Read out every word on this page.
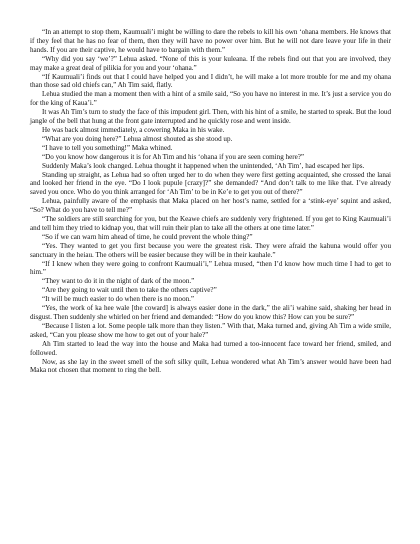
“In an attempt to stop them, Kaumuali’i might be willing to dare the rebels to kill his own ‘ohana members. He knows that if they feel that he has no fear of them, then they will have no power over him. But he will not dare leave your life in their hands. If you are their captive, he would have to bargain with them.”

“Why did you say ‘we’?” Lehua asked. “None of this is your kuleana. If the rebels find out that you are involved, they may make a great deal of pilikia for you and your ‘ohana.”

“If Kaumuali’i finds out that I could have helped you and I didn’t, he will make a lot more trouble for me and my ohana than those sad old chiefs can,” Ah Tim said, flatly.

Lehua studied the man a moment then with a hint of a smile said, “So you have no interest in me. It’s just a service you do for the king of Kaua’i.”

It was Ah Tim’s turn to study the face of this impudent girl. Then, with his hint of a smile, he started to speak. But the loud jangle of the bell that hung at the front gate interrupted and he quickly rose and went inside.

He was back almost immediately, a cowering Maka in his wake.

“What are you doing here?” Lehua almost shouted as she stood up.

“I have to tell you something!” Maka whined.

“Do you know how dangerous it is for Ah Tim and his ‘ohana if you are seen coming here?”

Suddenly Maka’s look changed. Lehua thought it happened when the unintended, ‘Ah Tim’, had escaped her lips.

Standing up straight, as Lehua had so often urged her to do when they were first getting acquainted, she crossed the lanai and looked her friend in the eye. “Do I look pupule [crazy]?” she demanded? “And don’t talk to me like that. I’ve already saved you once. Who do you think arranged for ‘Ah Tim’ to be in Ke’e to get you out of there?”

Lehua, painfully aware of the emphasis that Maka placed on her host’s name, settled for a ‘stink-eye’ squint and asked, “So? What do you have to tell me?”

“The soldiers are still searching for you, but the Keawe chiefs are suddenly very frightened. If you get to King Kaumuali’i and tell him they tried to kidnap you, that will ruin their plan to take all the others at one time later.”

“So if we can warn him ahead of time, he could prevent the whole thing?”

“Yes. They wanted to get you first because you were the greatest risk. They were afraid the kahuna would offer you sanctuary in the heiau. The others will be easier because they will be in their kauhale.”

“If I knew when they were going to confront Kaumuali’i,” Lehua mused, “then I’d know how much time I had to get to him.”

“They want to do it in the night of dark of the moon.”

“Are they going to wait until then to take the others captive?”

“It will be much easier to do when there is no moon.”

“Yes, the work of ka hee wale [the coward] is always easier done in the dark,” the ali’i wahine said, shaking her head in disgust. Then suddenly she whirled on her friend and demanded: “How do you know this? How can you be sure?”

“Because I listen a lot. Some people talk more than they listen.” With that, Maka turned and, giving Ah Tim a wide smile, asked, “Can you please show me how to get out of your hale?”

Ah Tim started to lead the way into the house and Maka had turned a too-innocent face toward her friend, smiled, and followed.

Now, as she lay in the sweet smell of the soft silky quilt, Lehua wondered what Ah Tim’s answer would have been had Maka not chosen that moment to ring the bell.
